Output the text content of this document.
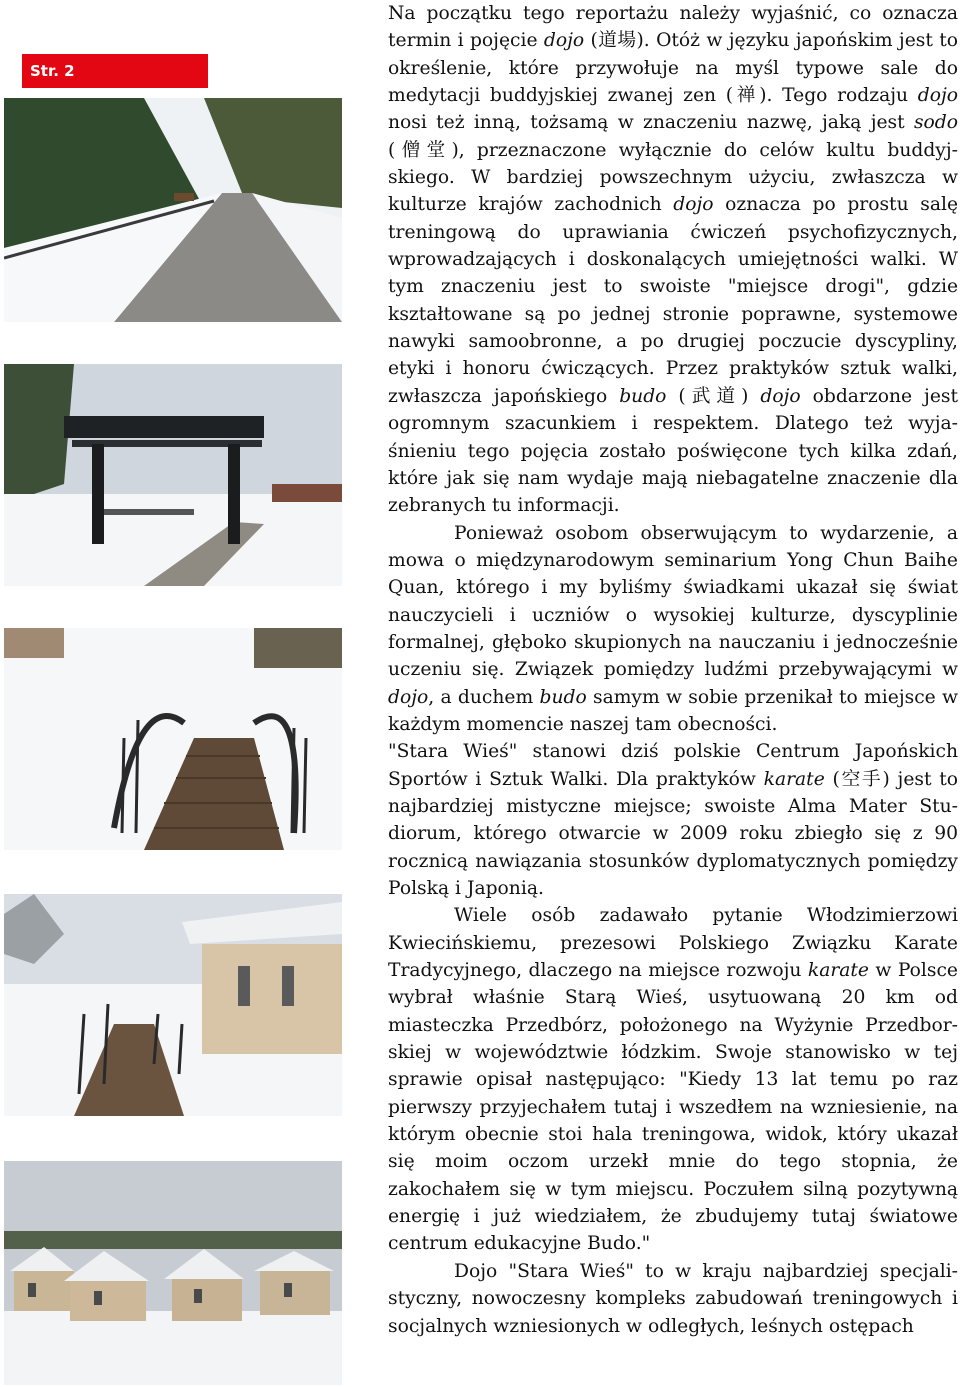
Str. 2

Na początku tego reportażu należy wyjaśnić, co oznacza termin i pojęcie dojo (道場). Otóż w języku japońskim jest to określenie, które przywołuje na myśl typowe sale do medytacji buddyjskiej zwanej zen (禅). Tego rodzaju dojo nosi też inną, tożsamą w znaczeniu nazwę, jaką jest sodo (僧堂), przeznaczone wyłącznie do celów kultu buddyjskiego. W bardziej powszechnym użyciu, zwłaszcza w kulturze krajów zachodnich dojo oznacza po prostu salę treningową do uprawiania ćwiczeń psychofizycznych, wprowadzających i doskonalących umiejętności walki. W tym znaczeniu jest to swoiste "miejsce drogi", gdzie kształtowane są po jednej stronie poprawne, systemowe nawyki samoobronne, a po drugiej poczucie dyscypliny, etyki i honoru ćwiczących. Przez praktyków sztuk walki, zwłaszcza japońskiego budo (武道) dojo obdarzone jest ogromnym szacunkiem i respektem. Dlatego też wyjaśnieniu tego pojęcia zostało poświęcone tych kilka zdań, które jak się nam wydaje mają niebagatelne znaczenie dla zebranych tu informacji.

Ponieważ osobom obserwującym to wydarzenie, a mowa o międzynarodowym seminarium Yong Chun Baihe Quan, którego i my byliśmy świadkami ukazał się świat nauczycieli i uczniów o wysokiej kulturze, dyscyplinie formalnej, głęboko skupionych na nauczaniu i jednocześnie uczeniu się. Związek pomiędzy ludźmi przebywającymi w dojo, a duchem budo samym w sobie przenikał to miejsce w każdym momencie naszej tam obecności.

"Stara Wieś" stanowi dziś polskie Centrum Japońskich Sportów i Sztuk Walki. Dla praktyków karate (空手) jest to najbardziej mistyczne miejsce; swoiste Alma Mater Studiorum, którego otwarcie w 2009 roku zbiegło się z 90 rocznicą nawiązania stosunków dyplomatycznych pomiędzy Polską i Japonią.

Wiele osób zadawało pytanie Włodzimierzowi Kwiecińskiemu, prezesowi Polskiego Związku Karate Tradycyjnego, dlaczego na miejsce rozwoju karate w Polsce wybrał właśnie Starą Wieś, usytuowaną 20 km od miasteczka Przedbórz, położonego na Wyżynie Przedborskiej w województwie łódzkim. Swoje stanowisko w tej sprawie opisał następująco: "Kiedy 13 lat temu po raz pierwszy przyjechałem tutaj i wszedłem na wzniesienie, na którym obecnie stoi hala treningowa, widok, który ukazał się moim oczom urzekł mnie do tego stopnia, że zakochałem się w tym miejscu. Poczułem silną pozytywną energię i już wiedziałem, że zbudujemy tutaj światowe centrum edukacyjne Budo."

Dojo "Stara Wieś" to w kraju najbardziej specjalistyczny, nowoczesny kompleks zabudowań treningowych i socjalnych wzniesionych w odległych, leśnych ostępach
